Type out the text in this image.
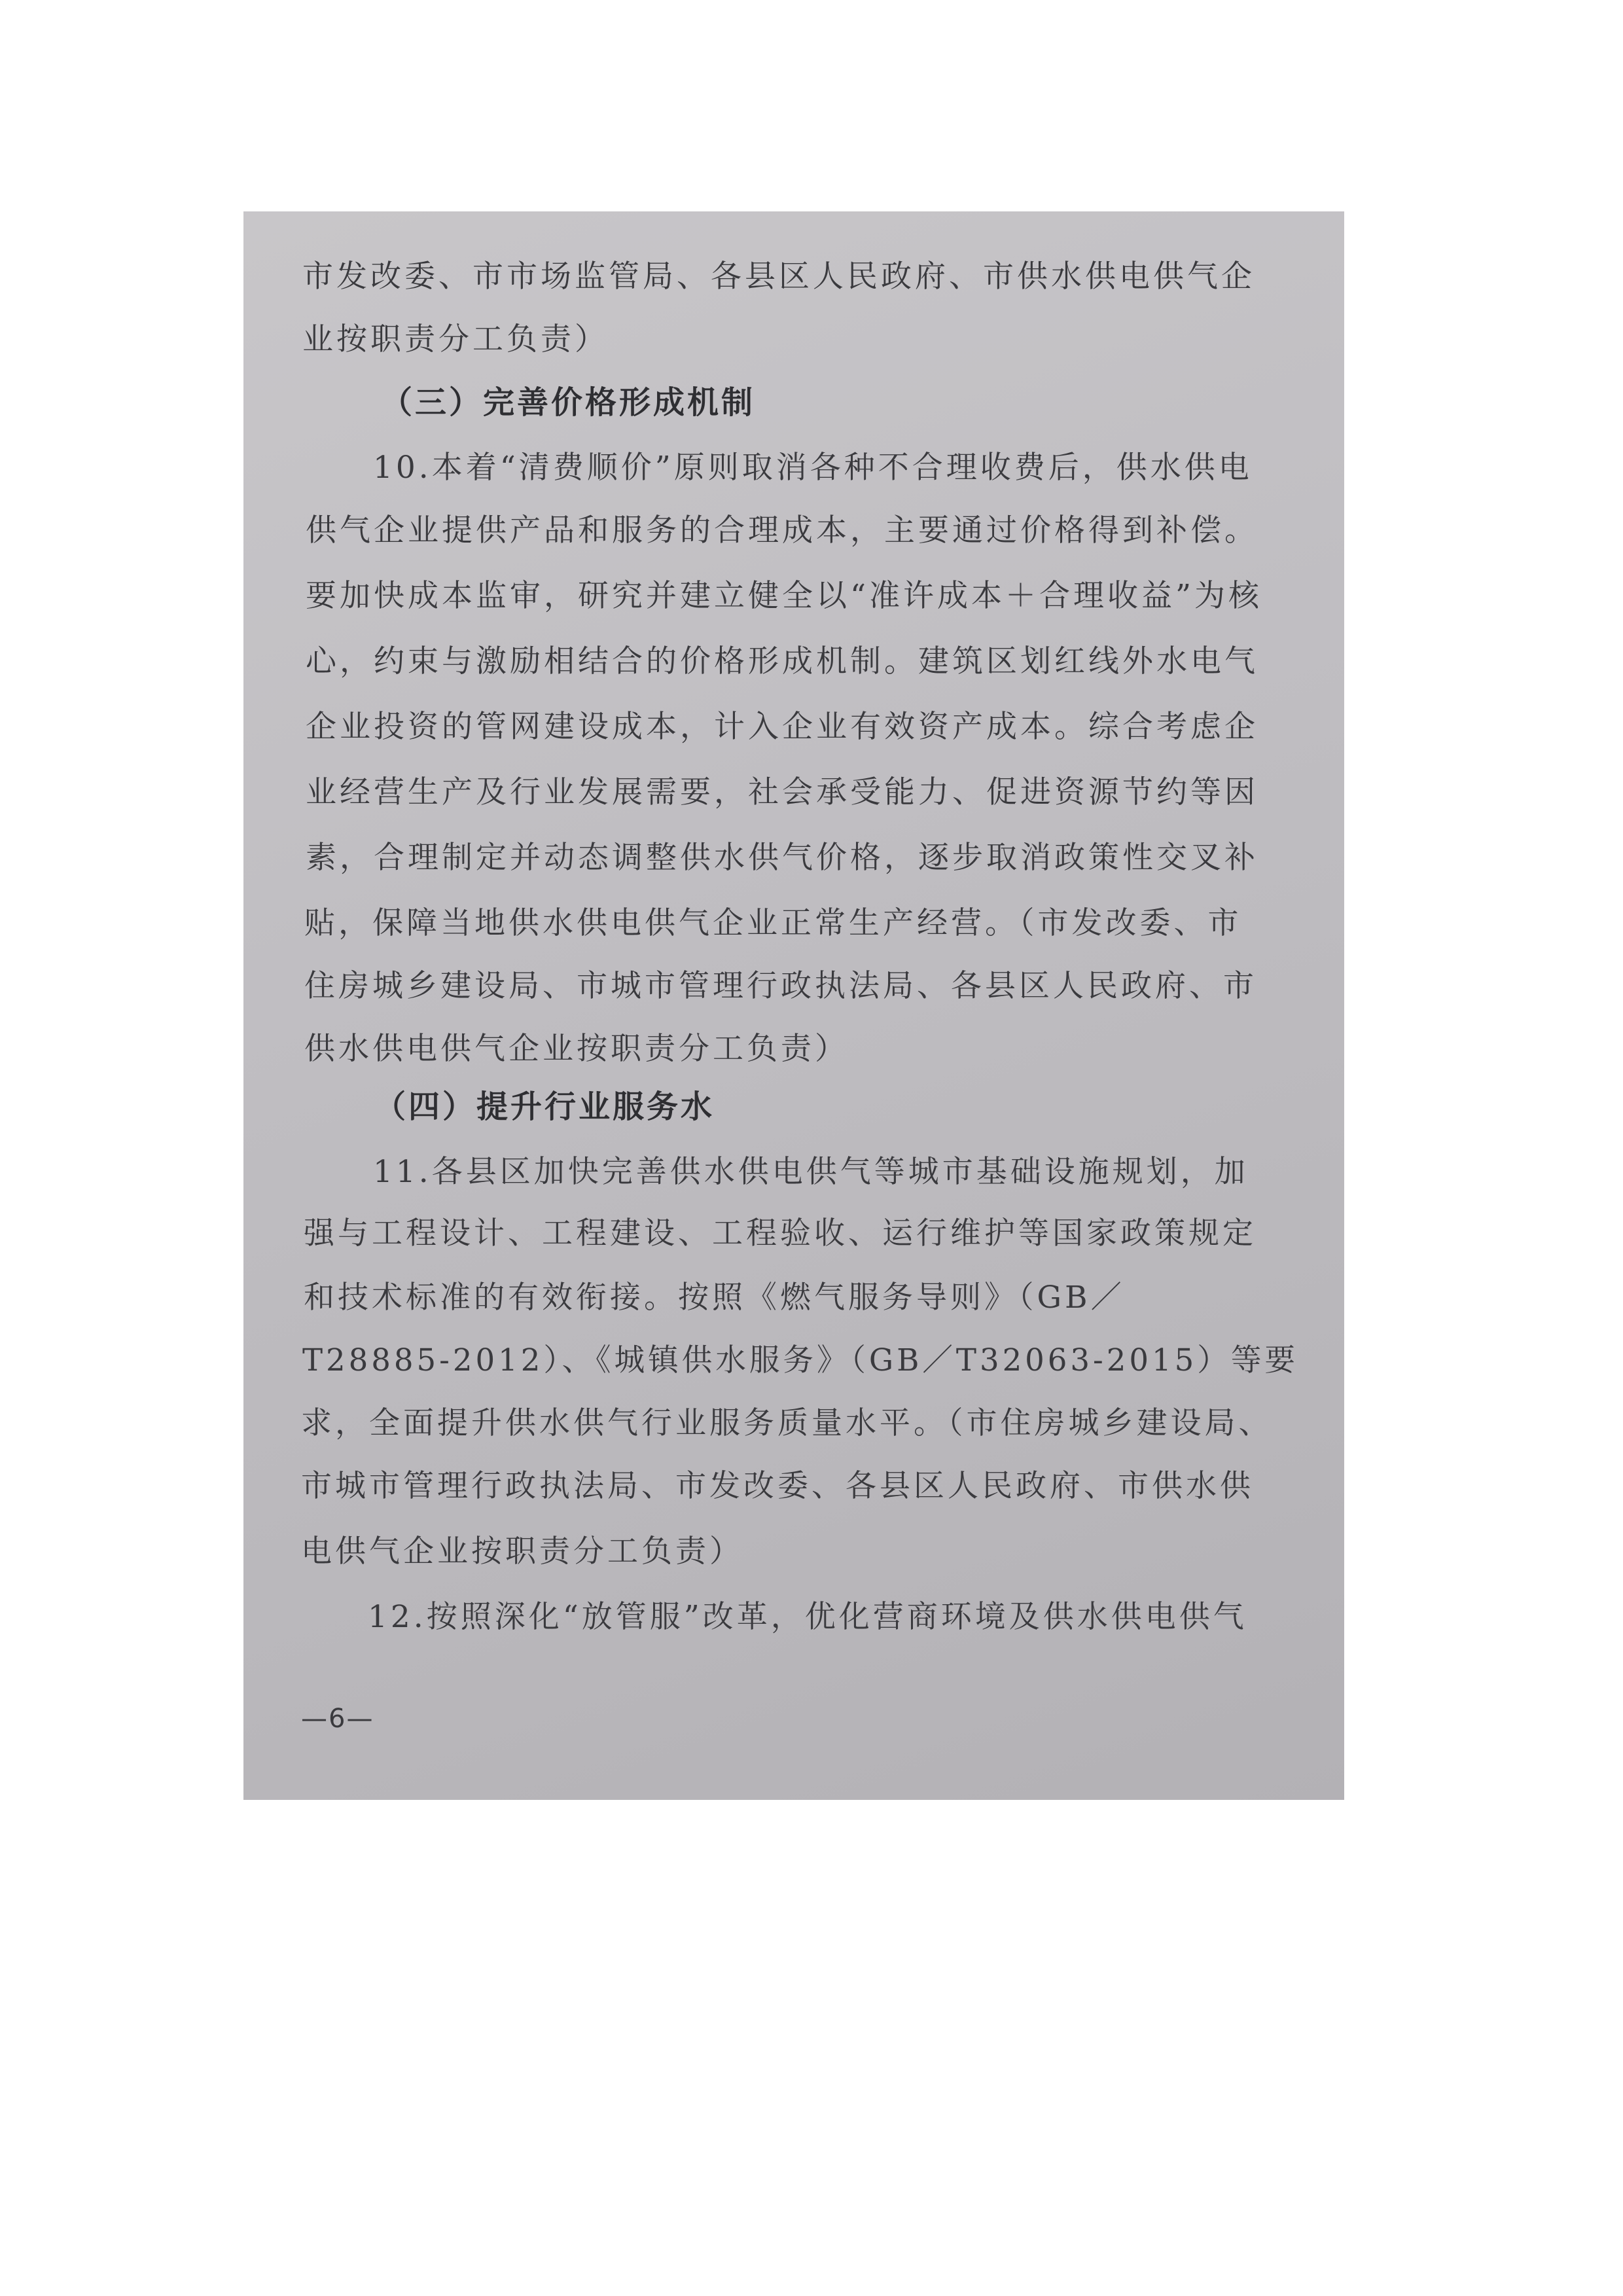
市发改委、市市场监管局、各县区人民政府、市供水供电供气企
业按职责分工负责）
（三）完善价格形成机制
10.本着“清费顺价”原则取消各种不合理收费后，供水供电
供气企业提供产品和服务的合理成本，主要通过价格得到补偿。
要加快成本监审，研究并建立健全以“准许成本＋合理收益”为核
心，约束与激励相结合的价格形成机制。建筑区划红线外水电气
企业投资的管网建设成本，计入企业有效资产成本。综合考虑企
业经营生产及行业发展需要，社会承受能力、促进资源节约等因
素，合理制定并动态调整供水供气价格，逐步取消政策性交叉补
贴，保障当地供水供电供气企业正常生产经营。（市发改委、市
住房城乡建设局、市城市管理行政执法局、各县区人民政府、市
供水供电供气企业按职责分工负责）
（四）提升行业服务水
11.各县区加快完善供水供电供气等城市基础设施规划，加
强与工程设计、工程建设、工程验收、运行维护等国家政策规定
和技术标准的有效衔接。按照《燃气服务导则》（GB／
T28885-2012）、《城镇供水服务》（GB／T32063-2015）等要
求，全面提升供水供气行业服务质量水平。（市住房城乡建设局、
市城市管理行政执法局、市发改委、各县区人民政府、市供水供
电供气企业按职责分工负责）
12.按照深化“放管服”改革，优化营商环境及供水供电供气
—6—
